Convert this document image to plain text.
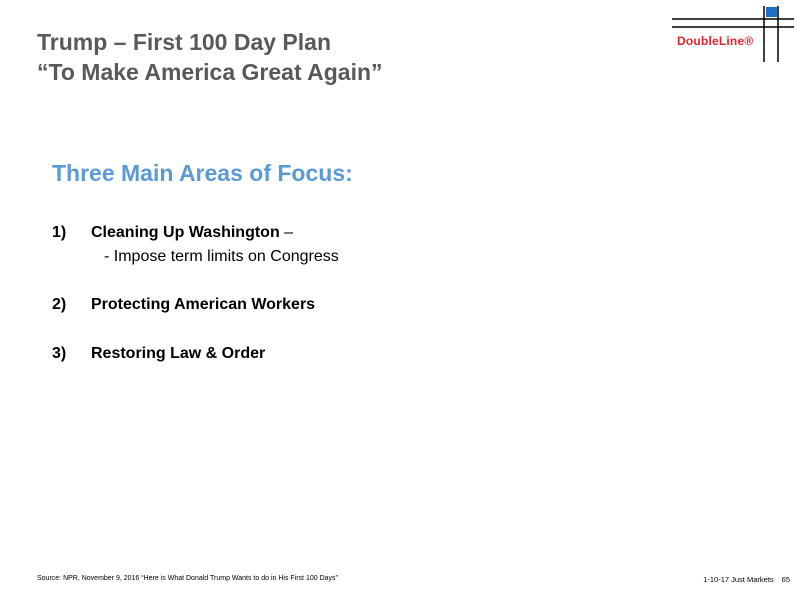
Trump – First 100 Day Plan
“To Make America Great Again”
DoubleLine®
Three Main Areas of Focus:
1) Cleaning Up Washington –
- Impose term limits on Congress
2) Protecting American Workers
3) Restoring Law & Order
Source: NPR, November 9, 2016 “Here is What Donald Trump Wants to do in His First 100 Days”	1-10-17 Just Markets 65
